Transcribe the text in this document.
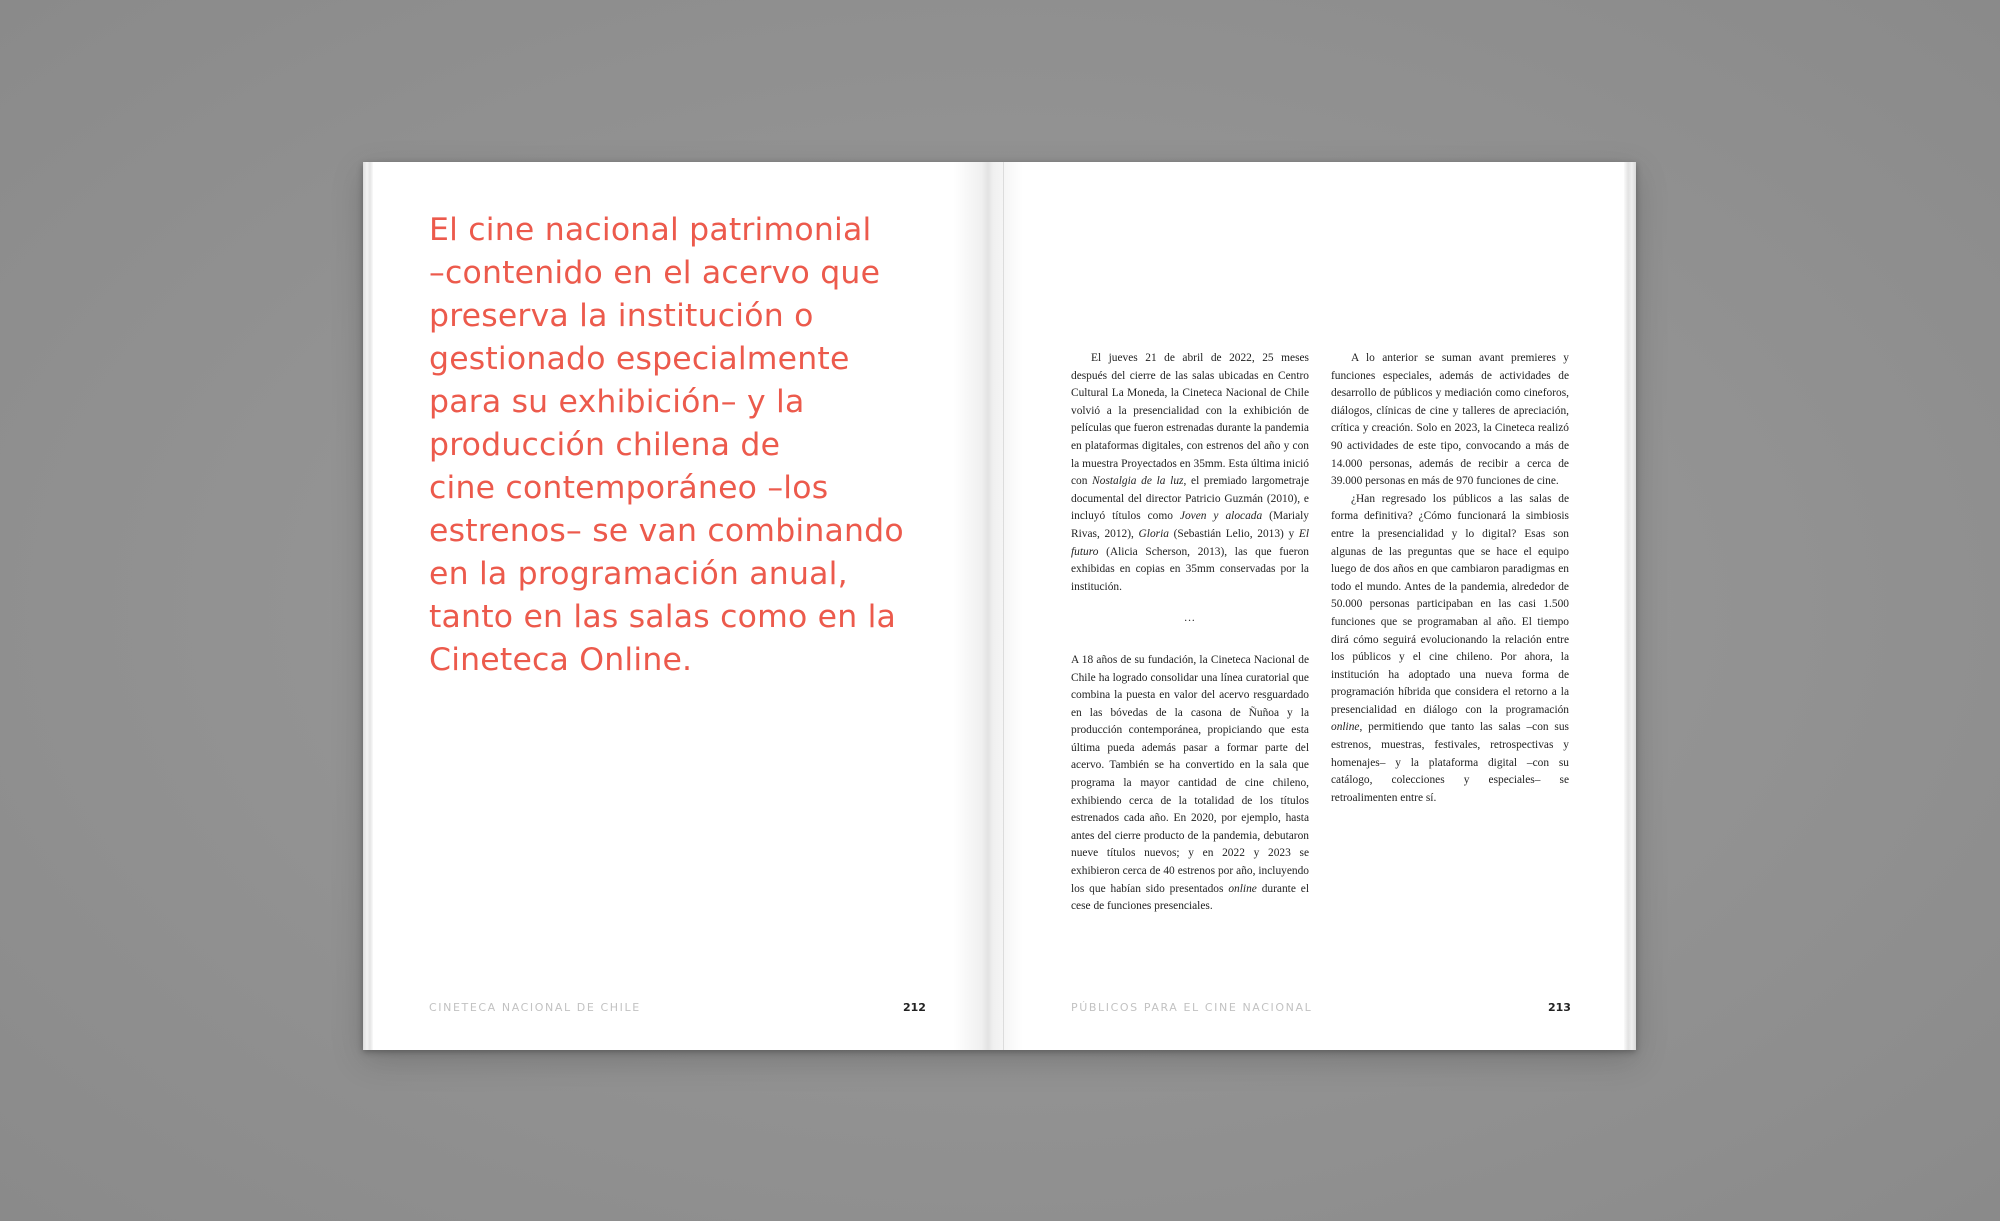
El cine nacional patrimonial
–contenido en el acervo que
preserva la institución o
gestionado especialmente
para su exhibición– y la
producción chilena de
cine contemporáneo –los
estrenos– se van combinando
en la programación anual,
tanto en las salas como en la
Cineteca Online.
CINETECA NACIONAL DE CHILE	212

El jueves 21 de abril de 2022, 25 meses después del cierre de las salas ubicadas en Centro Cultural La Moneda, la Cineteca Nacional de Chile volvió a la presencialidad con la exhibición de películas que fueron estrenadas durante la pandemia en plataformas digitales, con estrenos del año y con la muestra Proyectados en 35mm. Esta última inició con Nostalgia de la luz, el premiado largometraje documental del director Patricio Guzmán (2010), e incluyó títulos como Joven y alocada (Marialy Rivas, 2012), Gloria (Sebastián Lelio, 2013) y El futuro (Alicia Scherson, 2013), las que fueron exhibidas en copias en 35mm conservadas por la institución.

...

A 18 años de su fundación, la Cineteca Nacional de Chile ha logrado consolidar una línea curatorial que combina la puesta en valor del acervo resguardado en las bóvedas de la casona de Ñuñoa y la producción contemporánea, propiciando que esta última pueda además pasar a formar parte del acervo. También se ha convertido en la sala que programa la mayor cantidad de cine chileno, exhibiendo cerca de la totalidad de los títulos estrenados cada año. En 2020, por ejemplo, hasta antes del cierre producto de la pandemia, debutaron nueve títulos nuevos; y en 2022 y 2023 se exhibieron cerca de 40 estrenos por año, incluyendo los que habían sido presentados online durante el cese de funciones presenciales.

A lo anterior se suman avant premieres y funciones especiales, además de actividades de desarrollo de públicos y mediación como cineforos, diálogos, clínicas de cine y talleres de apreciación, crítica y creación. Solo en 2023, la Cineteca realizó 90 actividades de este tipo, convocando a más de 14.000 personas, además de recibir a cerca de 39.000 personas en más de 970 funciones de cine.

¿Han regresado los públicos a las salas de forma definitiva? ¿Cómo funcionará la simbiosis entre la presencialidad y lo digital? Esas son algunas de las preguntas que se hace el equipo luego de dos años en que cambiaron paradigmas en todo el mundo. Antes de la pandemia, alrededor de 50.000 personas participaban en las casi 1.500 funciones que se programaban al año. El tiempo dirá cómo seguirá evolucionando la relación entre los públicos y el cine chileno. Por ahora, la institución ha adoptado una nueva forma de programación híbrida que considera el retorno a la presencialidad en diálogo con la programación online, permitiendo que tanto las salas –con sus estrenos, muestras, festivales, retrospectivas y homenajes– y la plataforma digital –con su catálogo, colecciones y especiales– se retroalimenten entre sí.

PÚBLICOS PARA EL CINE NACIONAL	213
